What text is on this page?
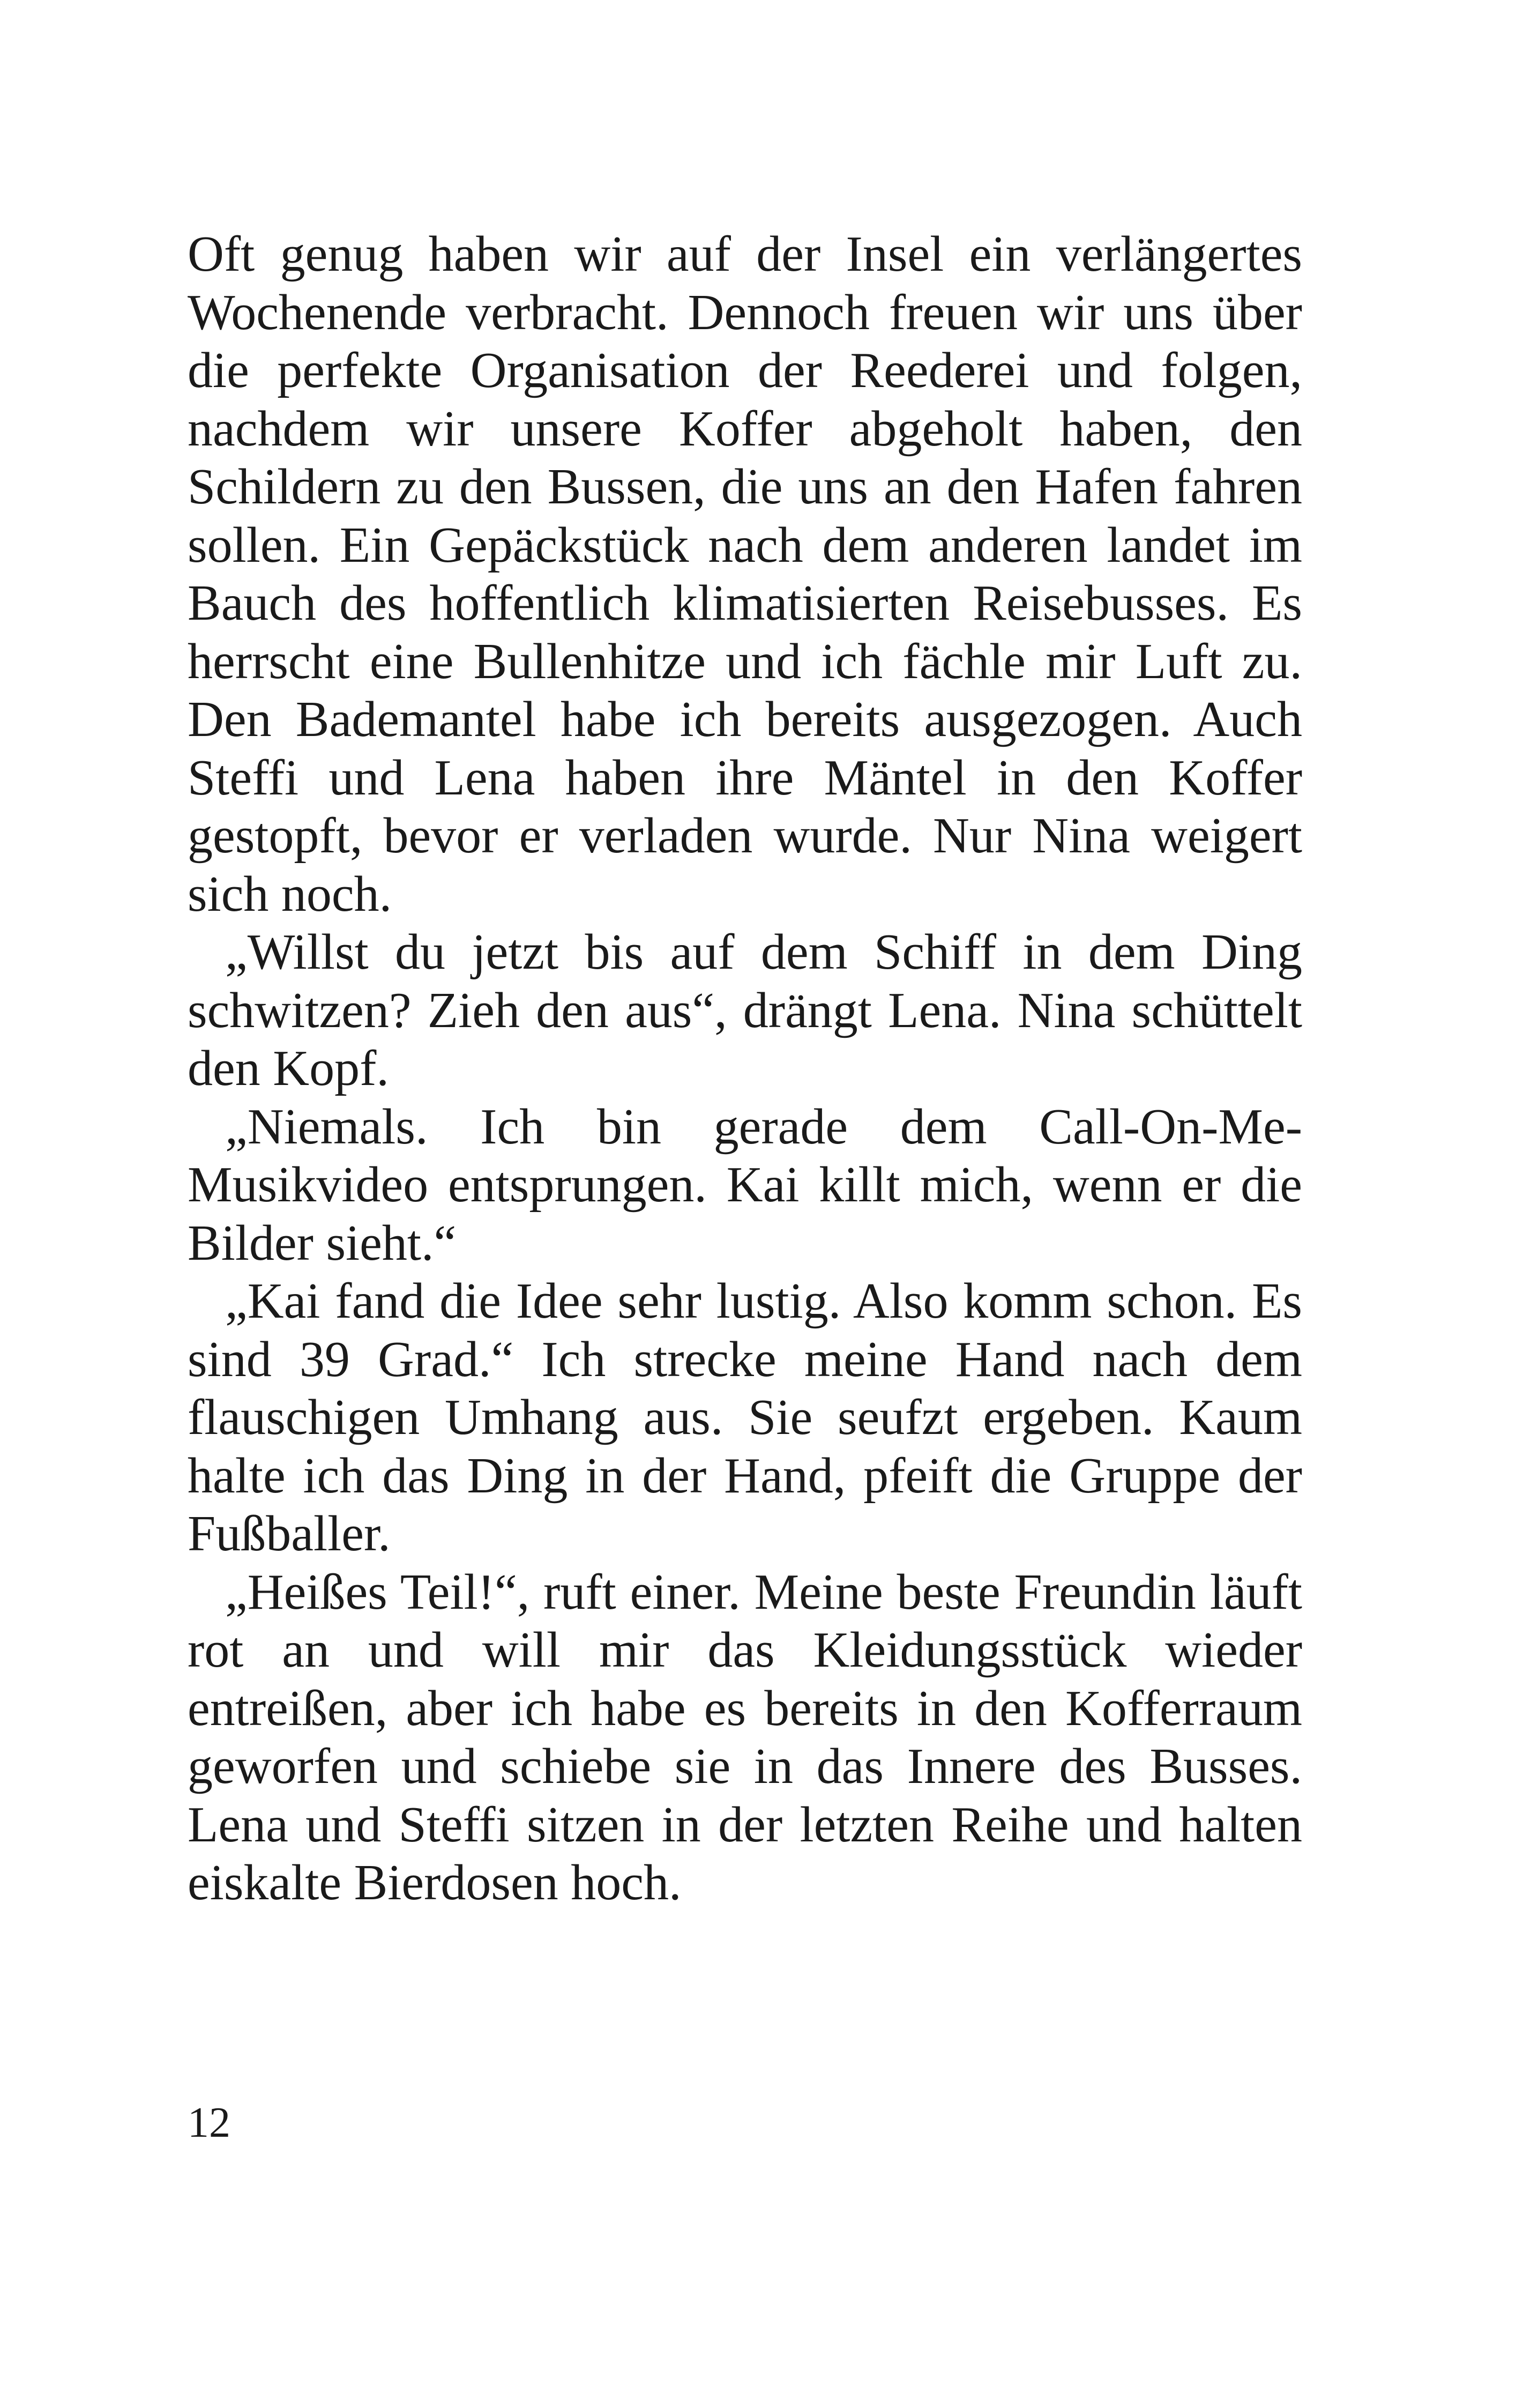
Oft genug haben wir auf der Insel ein verlängertes Wochenende verbracht. Dennoch freuen wir uns über die perfekte Organisation der Reederei und folgen, nachdem wir unsere Koffer abgeholt haben, den Schildern zu den Bussen, die uns an den Hafen fahren sollen. Ein Gepäckstück nach dem anderen landet im Bauch des hoffentlich klimatisierten Reisebusses. Es herrscht eine Bullenhitze und ich fächle mir Luft zu. Den Bademantel habe ich bereits ausgezogen. Auch Steffi und Lena haben ihre Mäntel in den Koffer gestopft, bevor er verladen wurde. Nur Nina weigert sich noch.

„Willst du jetzt bis auf dem Schiff in dem Ding schwitzen? Zieh den aus“, drängt Lena. Nina schüttelt den Kopf.

„Niemals. Ich bin gerade dem Call-On-Me-Musikvideo entsprungen. Kai killt mich, wenn er die Bilder sieht.“

„Kai fand die Idee sehr lustig. Also komm schon. Es sind 39 Grad.“ Ich strecke meine Hand nach dem flauschigen Umhang aus. Sie seufzt ergeben. Kaum halte ich das Ding in der Hand, pfeift die Gruppe der Fußballer.

„Heißes Teil!“, ruft einer. Meine beste Freundin läuft rot an und will mir das Kleidungsstück wieder entreißen, aber ich habe es bereits in den Kofferraum geworfen und schiebe sie in das Innere des Busses. Lena und Steffi sitzen in der letzten Reihe und halten eiskalte Bierdosen hoch.

12
